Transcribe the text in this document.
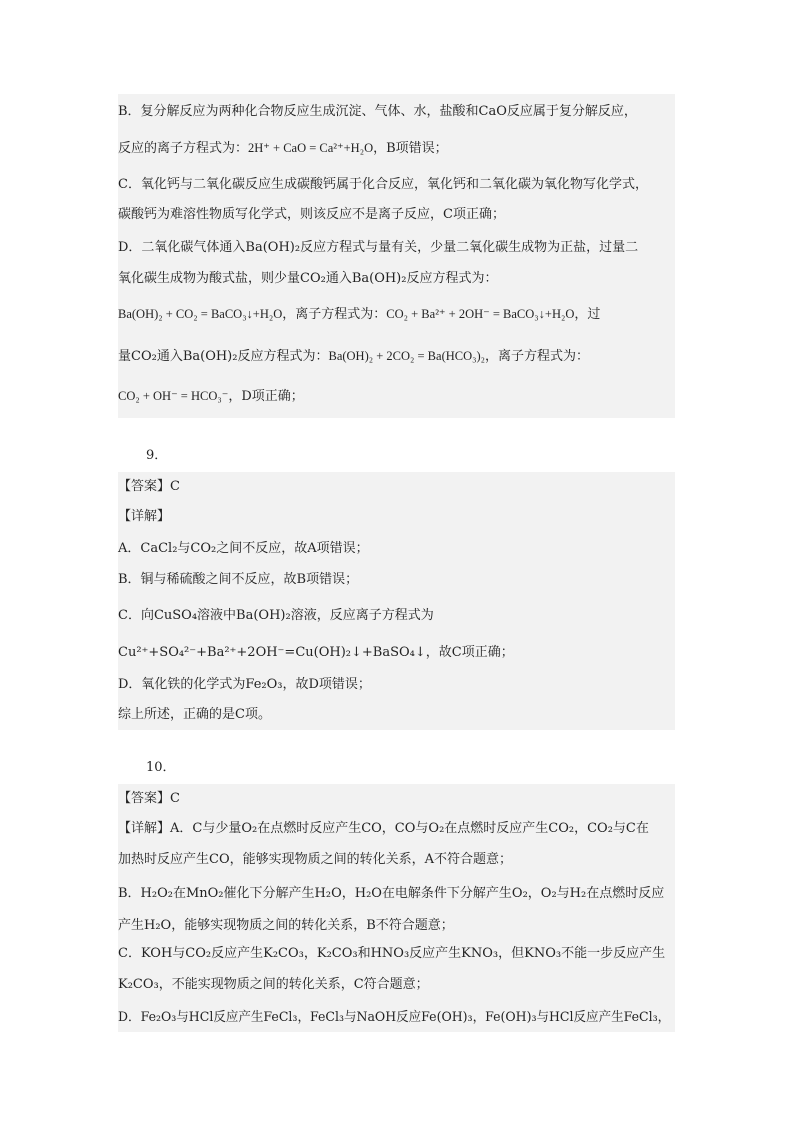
B．复分解反应为两种化合物反应生成沉淀、气体、水，盐酸和CaO反应属于复分解反应，
反应的离子方程式为：2H⁺ + CaO = Ca²⁺+H₂O，B项错误；
C．氧化钙与二氧化碳反应生成碳酸钙属于化合反应，氧化钙和二氧化碳为氧化物写化学式，
碳酸钙为难溶性物质写化学式，则该反应不是离子反应，C项正确；
D．二氧化碳气体通入Ba(OH)₂反应方程式与量有关，少量二氧化碳生成物为正盐，过量二
氧化碳生成物为酸式盐，则少量CO₂通入Ba(OH)₂反应方程式为：
Ba(OH)₂ + CO₂ = BaCO₃↓+H₂O，离子方程式为：CO₂ + Ba²⁺ + 2OH⁻ = BaCO₃↓+H₂O，过
量CO₂通入Ba(OH)₂反应方程式为：Ba(OH)₂ + 2CO₂ = Ba(HCO₃)₂，离子方程式为：
CO₂ + OH⁻ = HCO₃⁻，D项正确；
9．
【答案】C
【详解】
A．CaCl₂与CO₂之间不反应，故A项错误；
B．铜与稀硫酸之间不反应，故B项错误；
C．向CuSO₄溶液中Ba(OH)₂溶液，反应离子方程式为
Cu²⁺+SO₄²⁻+Ba²⁺+2OH⁻=Cu(OH)₂↓+BaSO₄↓，故C项正确；
D．氧化铁的化学式为Fe₂O₃，故D项错误；
综上所述，正确的是C项。
10．
【答案】C
【详解】A．C与少量O₂在点燃时反应产生CO，CO与O₂在点燃时反应产生CO₂，CO₂与C在
加热时反应产生CO，能够实现物质之间的转化关系，A不符合题意；
B．H₂O₂在MnO₂催化下分解产生H₂O，H₂O在电解条件下分解产生O₂，O₂与H₂在点燃时反应
产生H₂O，能够实现物质之间的转化关系，B不符合题意；
C．KOH与CO₂反应产生K₂CO₃，K₂CO₃和HNO₃反应产生KNO₃，但KNO₃不能一步反应产生
K₂CO₃，不能实现物质之间的转化关系，C符合题意；
D．Fe₂O₃与HCl反应产生FeCl₃，FeCl₃与NaOH反应Fe(OH)₃，Fe(OH)₃与HCl反应产生FeCl₃，
